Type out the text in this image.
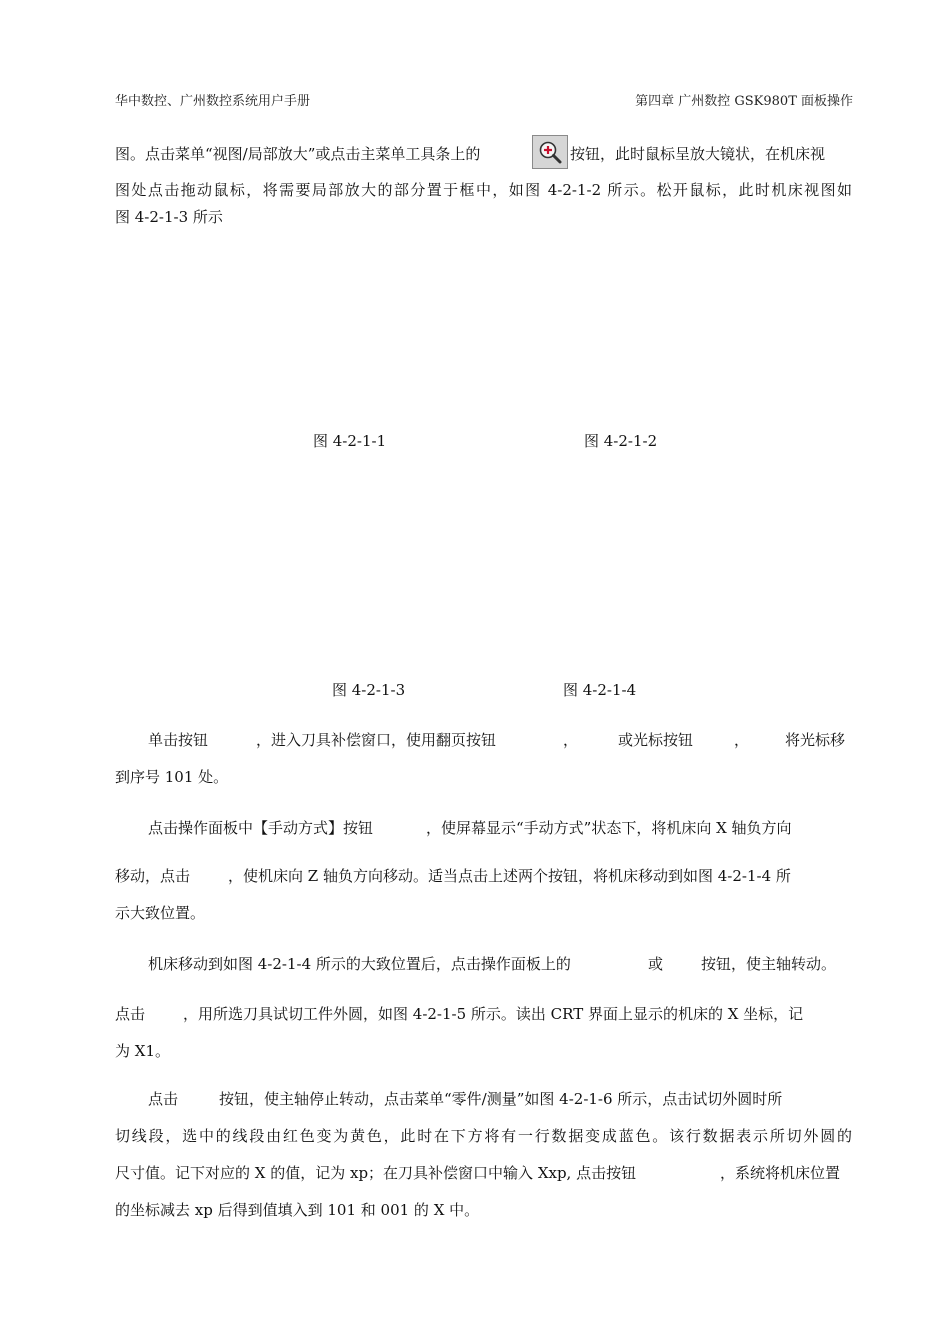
华中数控、广州数控系统用户手册	第四章 广州数控 GSK980T 面板操作
图。点击菜单“视图/局部放大”或点击主菜单工具条上的	按钮，此时鼠标呈放大镜状，在机床视
图处点击拖动鼠标，将需要局部放大的部分置于框中，如图 4-2-1-2 所示。松开鼠标，此时机床视图如
图 4-2-1-3 所示
图 4-2-1-1	图 4-2-1-2
图 4-2-1-3	图 4-2-1-4
单击按钮	，进入刀具补偿窗口，使用翻页按钮	，	或光标按钮	， 将光标移
到序号 101 处。
点击操作面板中【手动方式】按钮	，使屏幕显示“手动方式”状态下，将机床向 X 轴负方向
移动，点击	，使机床向 Z 轴负方向移动。适当点击上述两个按钮，将机床移动到如图 4-2-1-4 所
示大致位置。
机床移动到如图 4-2-1-4 所示的大致位置后，点击操作面板上的	或	按钮，使主轴转动。
点击	，用所选刀具试切工件外圆，如图 4-2-1-5 所示。读出 CRT 界面上显示的机床的 X 坐标，记
为 X1。
点击	按钮，使主轴停止转动，点击菜单“零件/测量”如图 4-2-1-6 所示，点击试切外圆时所
切线段，选中的线段由红色变为黄色，此时在下方将有一行数据变成蓝色。该行数据表示所切外圆的
尺寸值。记下对应的 X 的值，记为 xp；在刀具补偿窗口中输入 Xxp, 点击按钮	，系统将机床位置
的坐标减去 xp 后得到值填入到 101 和 001 的 X 中。
